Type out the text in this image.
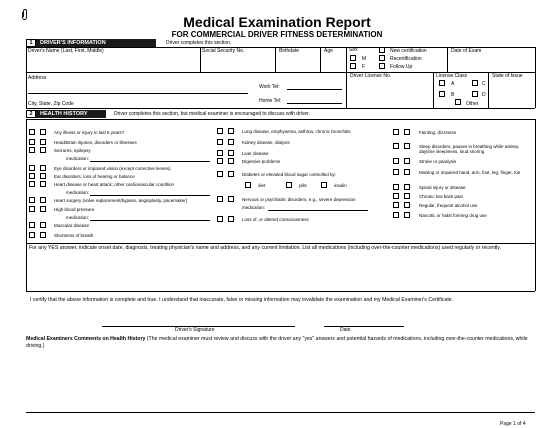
Medical Examination Report
FOR COMMERCIAL DRIVER FITNESS DETERMINATION
1	DRIVER'S INFORMATION	Driver completes this section.
Driver's Name (Last, First, Middle)	Social Security No.	Birthdate	Age	Sex
M
F
New certification
Recertification
Follow Up
Date of Exam
Address
City, State, Zip Code
Work Tel:
Home Tel:
Driver License No.	License Class
A	C
B	D
Other
State of Issue
2	HEALTH HISTORY	Driver completes this section, but medical examiner is encouraged to discuss with driver.
For any YES answer, indicate onset date, diagnosis, treating physician's name and address, and any current limitation. List all medications (including over-the-counter medications) used regularly or recently.
I certify that the above information is complete and true. I understand that inaccurate, false or missing information may invalidate the examination and my Medical Examiner's Certificate.
Driver's Signature	Date
Medical Examiners Comments on Health History (The medical examiner must review and discuss with the driver any "yes" answers and potential hazards of medications, including over-the-counter medications, while driving.)
Page 1 of 4
Any illness or injury in last 5 years?
Head/Brain injuries, disorders or illnesses
Seizures, epilepsy
Eye disorders or impaired vision (except corrective lenses)
Ear disorders, loss of hearing or balance
Heart disease or heart attack; other cardiovascular condition
Heart surgery (valve replacement/bypass, angioplasty, pacemaker)
High blood pressure
Muscular disease
Shortness of breath
medication:
medication:
medication:
Lung disease, emphysema, asthma, chronic bronchitis
Kidney disease, dialysis
Liver disease
Digestive problems
Diabetes or elevated blood sugar controlled by:
Nervous or psychiatric disorders, e.g., severe depression
Loss of, or altered consciousness
diet	pills	insulin
medication:
Fainting, dizziness
Sleep disorders, pauses in breathing while asleep, daytime sleepiness, loud snoring
Stroke or paralysis
Missing or impaired hand, arm, foot, leg, finger, toe
Spinal injury or disease
Chronic low back pain
Regular, frequent alcohol use
Narcotic or habit forming drug use
